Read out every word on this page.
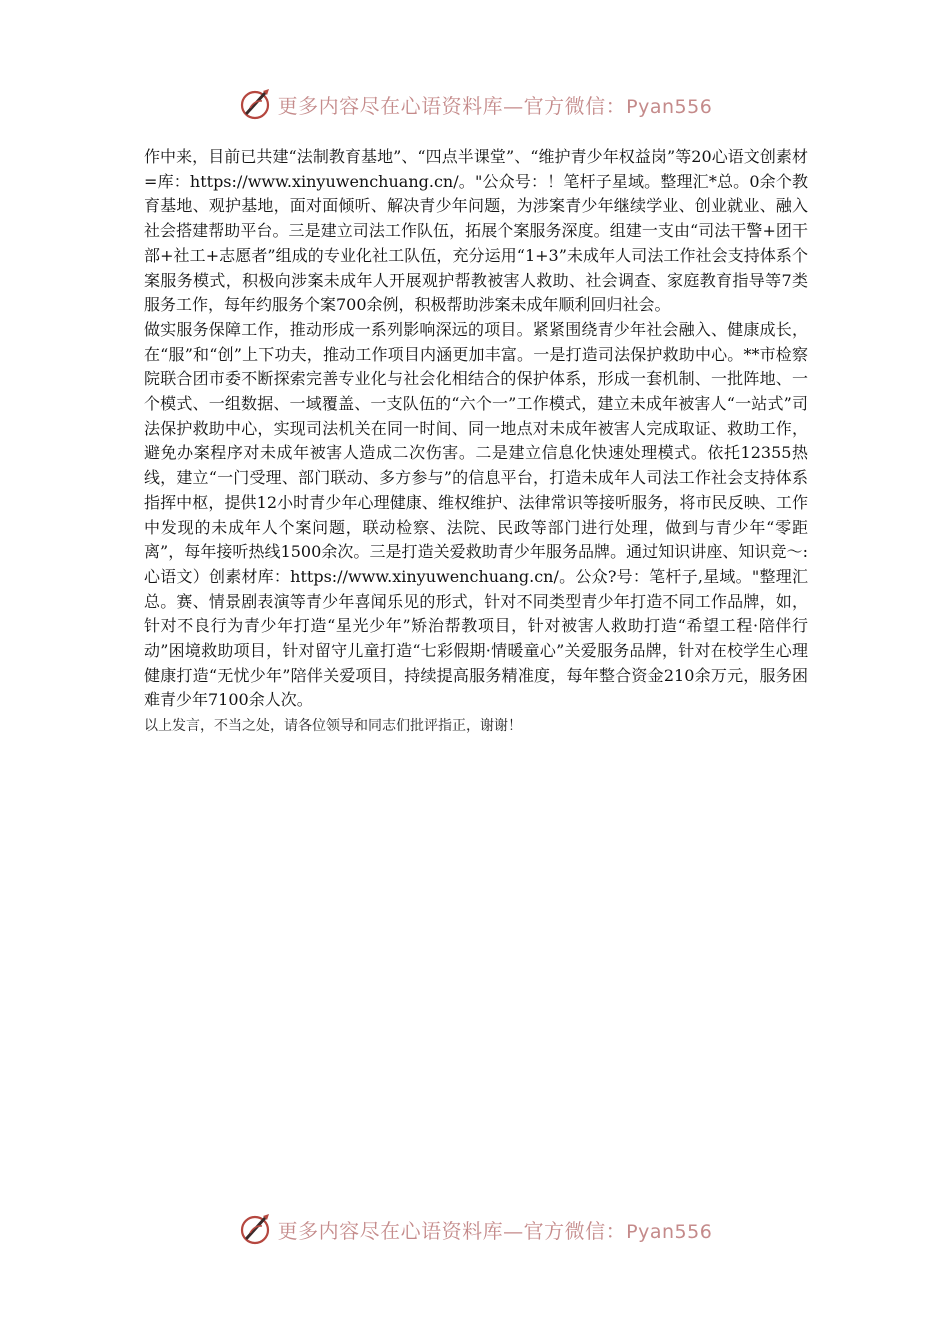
更多内容尽在心语资料库—官方微信：Pyan556

作中来，目前已共建“法制教育基地”、“四点半课堂”、“维护青少年权益岗”等20心语文创素材=库：https://www.xinyuwenchuang.cn/。"公众号：！笔杆子星域。整理汇*总。0余个教育基地、观护基地，面对面倾听、解决青少年问题，为涉案青少年继续学业、创业就业、融入社会搭建帮助平台。三是建立司法工作队伍，拓展个案服务深度。组建一支由“司法干警+团干部+社工+志愿者”组成的专业化社工队伍，充分运用“1+3”未成年人司法工作社会支持体系个案服务模式，积极向涉案未成年人开展观护帮教被害人救助、社会调查、家庭教育指导等7类服务工作，每年约服务个案700余例，积极帮助涉案未成年顺利回归社会。

做实服务保障工作，推动形成一系列影响深远的项目。紧紧围绕青少年社会融入、健康成长，在“服”和“创”上下功夫，推动工作项目内涵更加丰富。一是打造司法保护救助中心。**市检察院联合团市委不断探索完善专业化与社会化相结合的保护体系，形成一套机制、一批阵地、一个模式、一组数据、一域覆盖、一支队伍的“六个一”工作模式，建立未成年被害人“一站式”司法保护救助中心，实现司法机关在同一时间、同一地点对未成年被害人完成取证、救助工作，避免办案程序对未成年被害人造成二次伤害。二是建立信息化快速处理模式。依托12355热线，建立“一门受理、部门联动、多方参与”的信息平台，打造未成年人司法工作社会支持体系指挥中枢，提供12小时青少年心理健康、维权维护、法律常识等接听服务，将市民反映、工作中发现的未成年人个案问题，联动检察、法院、民政等部门进行处理，做到与青少年“零距离”，每年接听热线1500余次。三是打造关爱救助青少年服务品牌。通过知识讲座、知识竞～:心语文）创素材库：https://www.xinyuwenchuang.cn/。公众?号：笔杆子,星域。"整理汇总。赛、情景剧表演等青少年喜闻乐见的形式，针对不同类型青少年打造不同工作品牌，如，针对不良行为青少年打造“星光少年”矫治帮教项目，针对被害人救助打造“希望工程·陪伴行动”困境救助项目，针对留守儿童打造“七彩假期·情暖童心”关爱服务品牌，针对在校学生心理健康打造“无忧少年”陪伴关爱项目，持续提高服务精准度，每年整合资金210余万元，服务困难青少年7100余人次。

以上发言，不当之处，请各位领导和同志们批评指正，谢谢！

更多内容尽在心语资料库—官方微信：Pyan556
